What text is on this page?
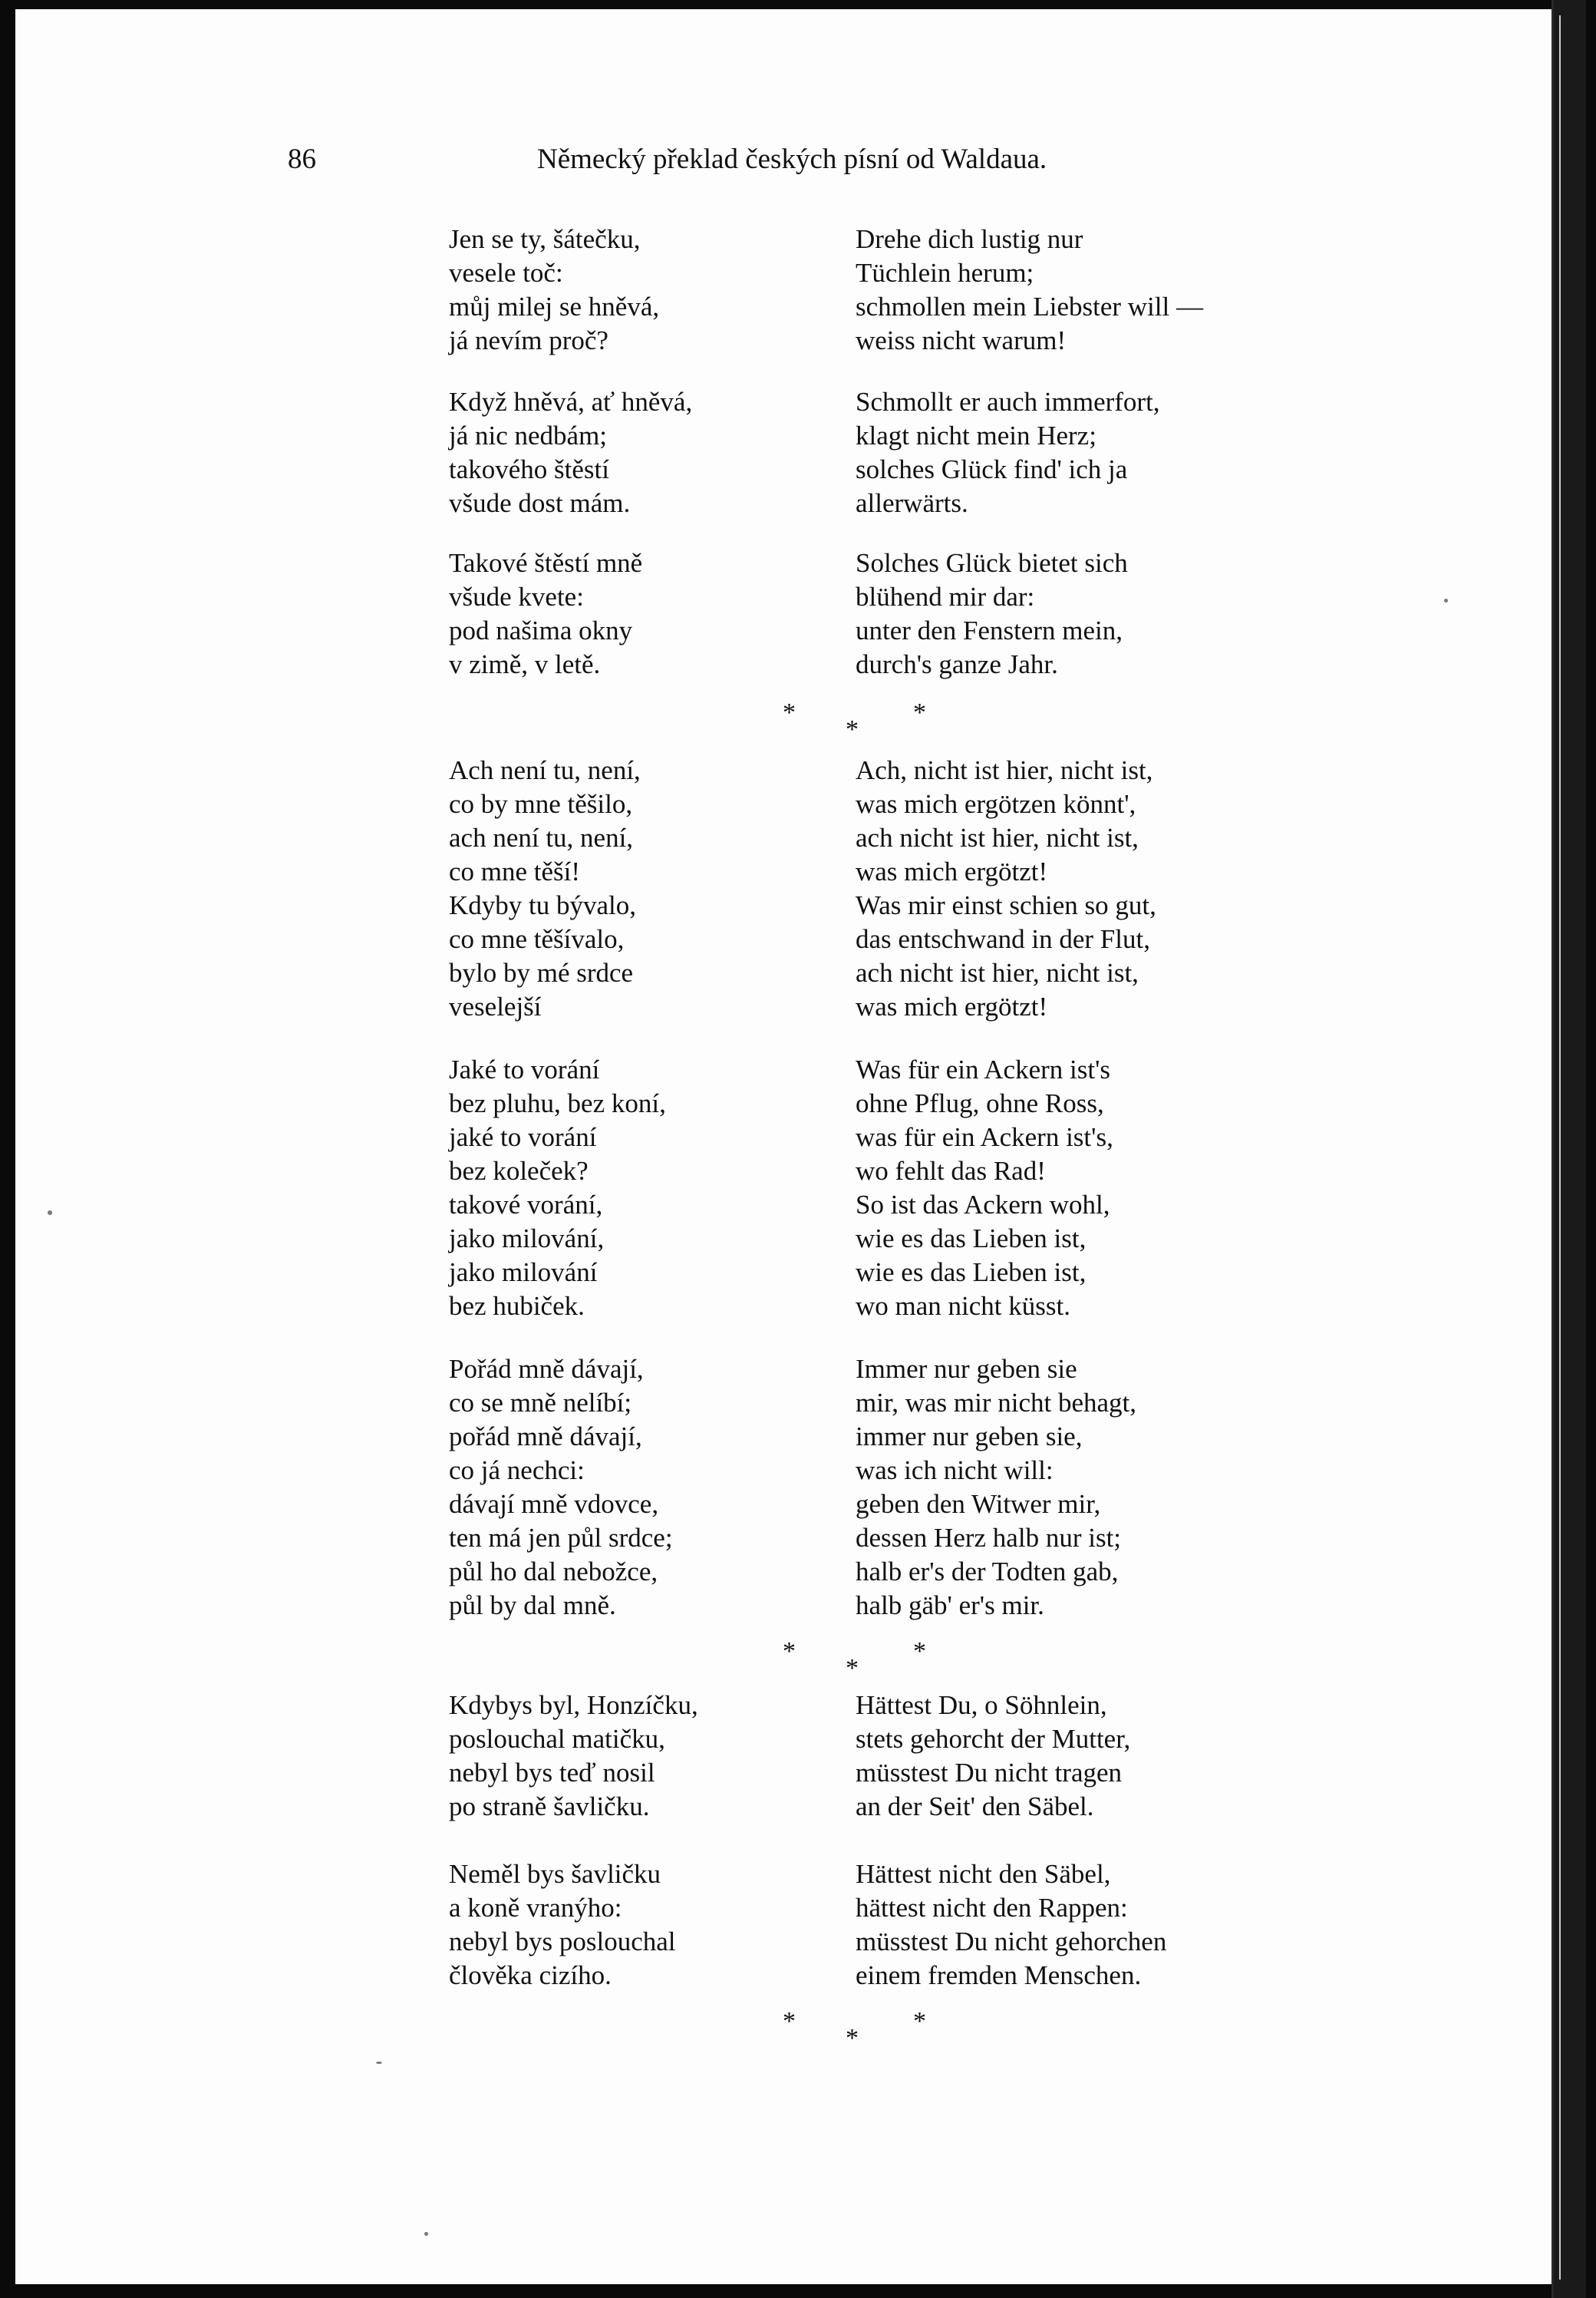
86	Německý překlad českých písní od Waldaua.
Jen se ty, šátečku,
vesele toč:
můj milej se hněvá,
já nevím proč?
Když hněvá, ať hněvá,
já nic nedbám;
takového štěstí
všude dost mám.
Takové štěstí mně
všude kvete:
pod našima okny
v zimě, v letě.
Drehe dich lustig nur
Tüchlein herum;
schmollen mein Liebster will —
weiss nicht warum!
Schmollt er auch immerfort,
klagt nicht mein Herz;
solches Glück find' ich ja
allerwärts.
Solches Glück bietet sich
blühend mir dar:
unter den Fenstern mein,
durch's ganze Jahr.
Ach není tu, není,
co by mne těšilo,
ach není tu, není,
co mne těší!
Kdyby tu bývalo,
co mne těšívalo,
bylo by mé srdce
veselejší
Jaké to vorání
bez pluhu, bez koní,
jaké to vorání
bez koleček?
takové vorání,
jako milování,
jako milování
bez hubiček.
Pořád mně dávají,
co se mně nelíbí;
pořád mně dávají,
co já nechci:
dávají mně vdovce,
ten má jen půl srdce;
půl ho dal nebožce,
půl by dal mně.
Ach, nicht ist hier, nicht ist,
was mich ergötzen könnt',
ach nicht ist hier, nicht ist,
was mich ergötzt!
Was mir einst schien so gut,
das entschwand in der Flut,
ach nicht ist hier, nicht ist,
was mich ergötzt!
Was für ein Ackern ist's
ohne Pflug, ohne Ross,
was für ein Ackern ist's,
wo fehlt das Rad!
So ist das Ackern wohl,
wie es das Lieben ist,
wie es das Lieben ist,
wo man nicht küsst.
Immer nur geben sie
mir, was mir nicht behagt,
immer nur geben sie,
was ich nicht will:
geben den Witwer mir,
dessen Herz halb nur ist;
halb er's der Todten gab,
halb gäb' er's mir.
Kdybys byl, Honzíčku,
poslouchal matičku,
nebyl bys teď nosil
po straně šavličku.
Neměl bys šavličku
a koně vranýho:
nebyl bys poslouchal
člověka cizího.
Hättest Du, o Söhnlein,
stets gehorcht der Mutter,
müsstest Du nicht tragen
an der Seit' den Säbel.
Hättest nicht den Säbel,
hättest nicht den Rappen:
müsstest Du nicht gehorchen
einem fremden Menschen.
*
*
*
*
*
*
*
*
*
